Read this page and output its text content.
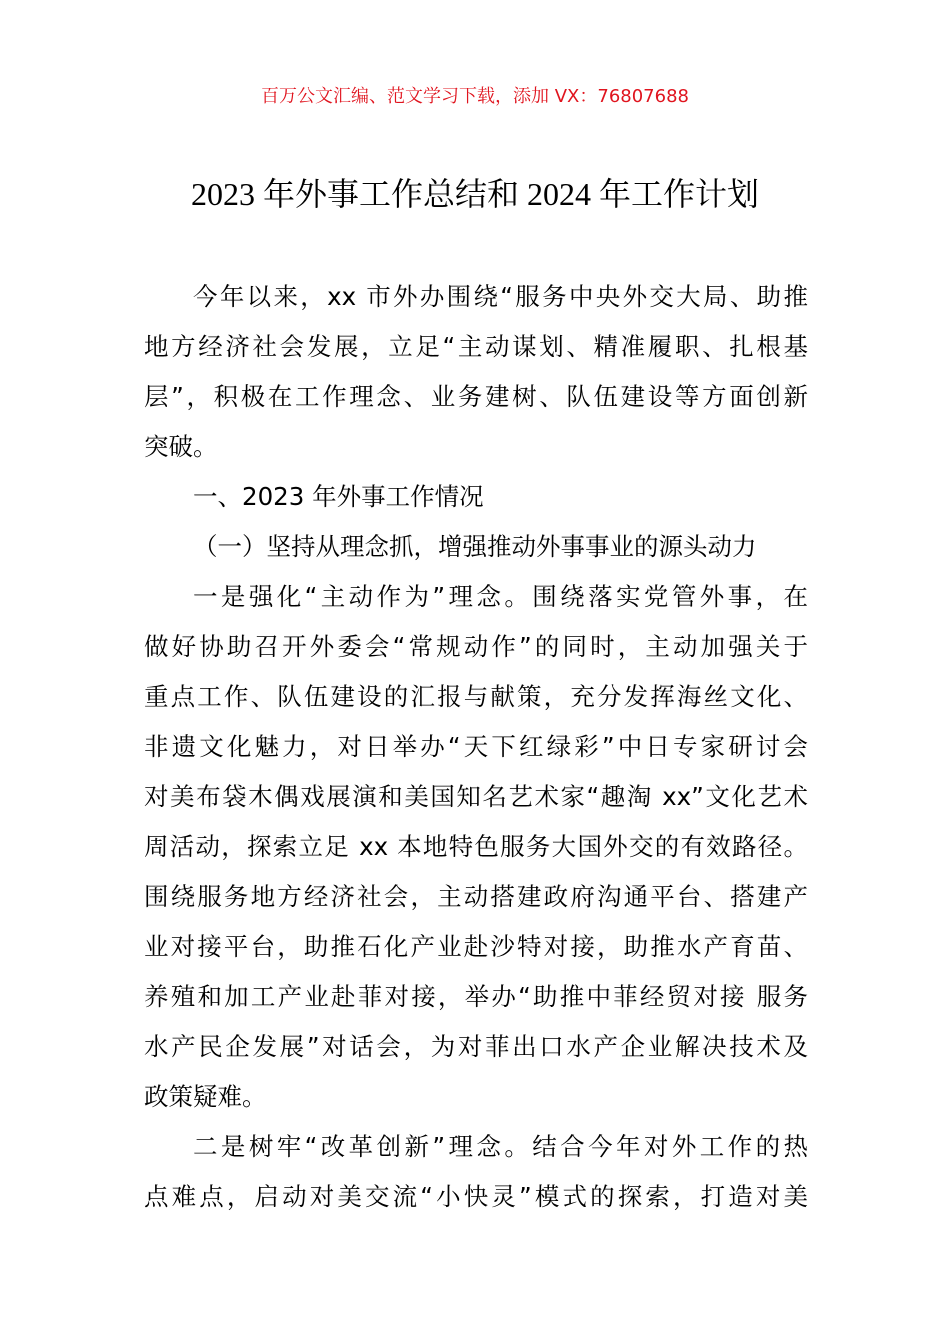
百万公文汇编、范文学习下载，添加 VX：76807688
2023 年外事工作总结和 2024 年工作计划
今年以来，xx 市外办围绕“服务中央外交大局、助推
地方经济社会发展，立足“主动谋划、精准履职、扎根基
层”，积极在工作理念、业务建树、队伍建设等方面创新
突破。
一、2023 年外事工作情况
（一）坚持从理念抓，增强推动外事事业的源头动力
一是强化“主动作为”理念。围绕落实党管外事，在
做好协助召开外委会“常规动作”的同时，主动加强关于
重点工作、队伍建设的汇报与献策，充分发挥海丝文化、
非遗文化魅力，对日举办“天下红绿彩”中日专家研讨会
对美布袋木偶戏展演和美国知名艺术家“趣淘 xx”文化艺术
周活动，探索立足 xx 本地特色服务大国外交的有效路径。
围绕服务地方经济社会，主动搭建政府沟通平台、搭建产
业对接平台，助推石化产业赴沙特对接，助推水产育苗、
养殖和加工产业赴菲对接，举办“助推中菲经贸对接 服务
水产民企发展”对话会，为对菲出口水产企业解决技术及
政策疑难。
二是树牢“改革创新”理念。结合今年对外工作的热
点难点，启动对美交流“小快灵”模式的探索，打造对美
